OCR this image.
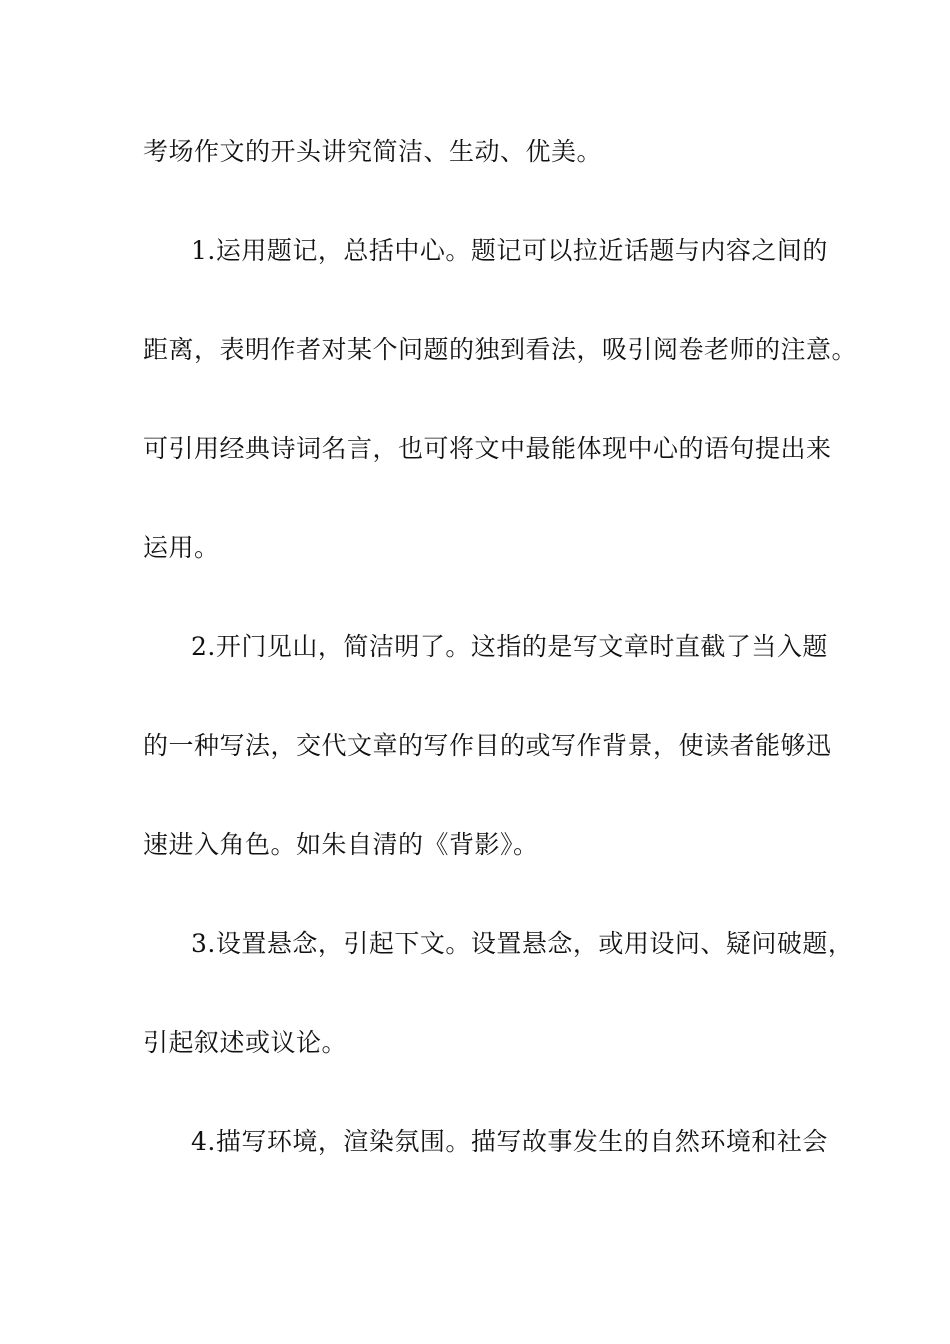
考场作文的开头讲究简洁、生动、优美。
1.运用题记，总括中心。题记可以拉近话题与内容之间的
距离，表明作者对某个问题的独到看法，吸引阅卷老师的注意。
可引用经典诗词名言，也可将文中最能体现中心的语句提出来
运用。
2.开门见山，简洁明了。这指的是写文章时直截了当入题
的一种写法，交代文章的写作目的或写作背景，使读者能够迅
速进入角色。如朱自清的《背影》。
3.设置悬念，引起下文。设置悬念，或用设问、疑问破题，
引起叙述或议论。
4.描写环境，渲染氛围。描写故事发生的自然环境和社会
